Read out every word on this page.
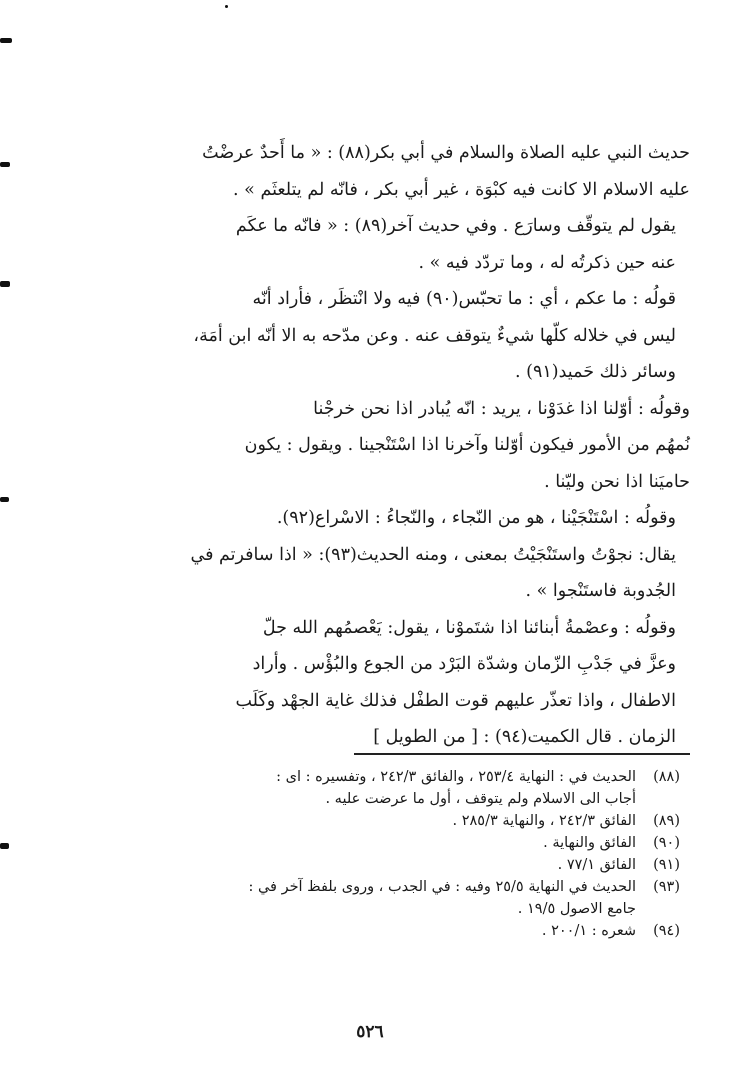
حديث النبي عليه الصلاة والسلام في أبي بكر(٨٨) : « ما أَحدٌ عرضْتُ
عليه الاسلام الا كانت فيه كبْوَة ، غير أبي بكر ، فانّه لم يتلعثَم » .

يقول لم يتوقّف وسارَع . وفي حديث آخر(٨٩) : « فانّه ما عكَم
عنه حين ذكرتُه له ، وما تردّد فيه » .

قولُه : ما عكم ، أي : ما تحبّس(٩٠) فيه ولا انْتظَر ، فأراد أنّه
ليس في خلاله كلّها شيءٌ يتوقف عنه . وعن مدّحه به الا أنّه ابن أمَة،
وسائر ذلك حَميد(٩١) .

وقولُه : أوّلنا اذا غدَوْنا ، يريد : انّه يُبادر اذا نحن خرجْنا
نُمهُم من الأمور فيكون أوّلنا وآخرنا اذا اسْتَنْجينا . ويقول : يكون
حاميَنا اذا نحن وليّنا .

وقولُه : اسْتَنْجَيْنا ، هو من النّجاء ، والنّجاءُ : الاسْراع(٩٢).
يقال: نجوْتُ واستَنْجَيْتُ بمعنى ، ومنه الحديث(٩٣): « اذا سافرتم في
الجُدوبة فاستَنْجوا » .

وقولُه : وعصْمةُ أبنائنا اذا شتَموْنا ، يقول: يَعْصمُهم الله جلّ
وعزَّ في جَدْبِ الزّمان وشدّة البَرْد من الجوع والبُؤْس . وأراد
الاطفال ، واذا تعذّر عليهم قوت الطفْل فذلك غاية الجهْد وكَلَب
الزمان . قال الكميت(٩٤) : [ من الطويل ]

(٨٨)
الحديث في : النهاية ٢٥٣/٤ ، والفائق ٢٤٢/٣ ، وتفسيره : اى :
أجاب الى الاسلام ولم يتوقف ، أول ما عرضت عليه .
(٨٩)
الفائق ٢٤٢/٣ ، والنهاية ٢٨٥/٣ .
(٩٠)
الفائق والنهاية .
(٩١)
الفائق ٧٧/١ .
(٩٣)
الحديث في النهاية ٢٥/٥ وفيه : في الجدب ، وروى بلفظ آخر في :
جامع الاصول ١٩/٥ .
(٩٤)
شعره : ٢٠٠/١ .
٥٢٦
